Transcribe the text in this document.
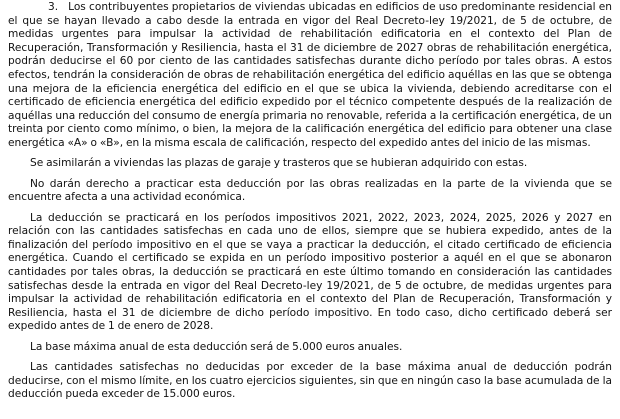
3. Los contribuyentes propietarios de viviendas ubicadas en edificios de uso predominante residencial en el que se hayan llevado a cabo desde la entrada en vigor del Real Decreto-ley 19/2021, de 5 de octubre, de medidas urgentes para impulsar la actividad de rehabilitación edificatoria en el contexto del Plan de Recuperación, Transformación y Resiliencia, hasta el 31 de diciembre de 2027 obras de rehabilitación energética, podrán deducirse el 60 por ciento de las cantidades satisfechas durante dicho período por tales obras. A estos efectos, tendrán la consideración de obras de rehabilitación energética del edificio aquéllas en las que se obtenga una mejora de la eficiencia energética del edificio en el que se ubica la vivienda, debiendo acreditarse con el certificado de eficiencia energética del edificio expedido por el técnico competente después de la realización de aquéllas una reducción del consumo de energía primaria no renovable, referida a la certificación energética, de un treinta por ciento como mínimo, o bien, la mejora de la calificación energética del edificio para obtener una clase energética «A» o «B», en la misma escala de calificación, respecto del expedido antes del inicio de las mismas.

Se asimilarán a viviendas las plazas de garaje y trasteros que se hubieran adquirido con estas.

No darán derecho a practicar esta deducción por las obras realizadas en la parte de la vivienda que se encuentre afecta a una actividad económica.

La deducción se practicará en los períodos impositivos 2021, 2022, 2023, 2024, 2025, 2026 y 2027 en relación con las cantidades satisfechas en cada uno de ellos, siempre que se hubiera expedido, antes de la finalización del período impositivo en el que se vaya a practicar la deducción, el citado certificado de eficiencia energética. Cuando el certificado se expida en un período impositivo posterior a aquél en el que se abonaron cantidades por tales obras, la deducción se practicará en este último tomando en consideración las cantidades satisfechas desde la entrada en vigor del Real Decreto-ley 19/2021, de 5 de octubre, de medidas urgentes para impulsar la actividad de rehabilitación edificatoria en el contexto del Plan de Recuperación, Transformación y Resiliencia, hasta el 31 de diciembre de dicho período impositivo. En todo caso, dicho certificado deberá ser expedido antes de 1 de enero de 2028.

La base máxima anual de esta deducción será de 5.000 euros anuales.

Las cantidades satisfechas no deducidas por exceder de la base máxima anual de deducción podrán deducirse, con el mismo límite, en los cuatro ejercicios siguientes, sin que en ningún caso la base acumulada de la deducción pueda exceder de 15.000 euros.
